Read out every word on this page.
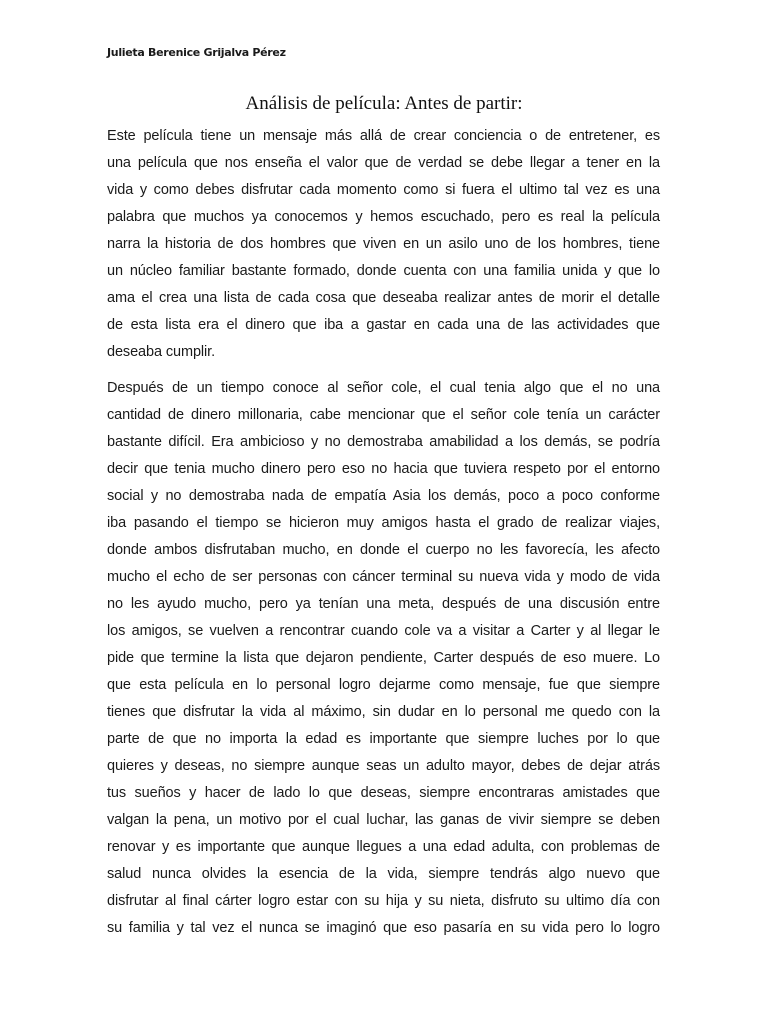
Julieta Berenice Grijalva Pérez
Análisis de película: Antes de partir:
Este película tiene un mensaje más allá de crear conciencia o de entretener, es
una película que nos enseña el valor que de verdad se debe llegar a tener en la
vida y como debes disfrutar cada momento como si fuera el ultimo tal vez es una
palabra que muchos ya conocemos y hemos escuchado, pero es real la película
narra la historia de dos hombres que viven en un asilo uno de los hombres, tiene
un núcleo familiar bastante formado, donde cuenta con una familia unida y que lo
ama el crea una lista de cada cosa que deseaba realizar antes de morir el detalle
de esta lista era el dinero que iba a gastar en cada una de las actividades que
deseaba cumplir.
Después de un tiempo conoce al señor cole, el cual tenia algo que el no una
cantidad de dinero millonaria, cabe mencionar que el señor cole tenía un carácter
bastante difícil. Era ambicioso y no demostraba amabilidad a los demás, se podría
decir que tenia mucho dinero pero eso no hacia que tuviera respeto por el entorno
social y no demostraba nada de empatía Asia los demás, poco a poco conforme
iba pasando el tiempo se hicieron muy amigos hasta el grado de realizar viajes,
donde ambos disfrutaban mucho, en donde el cuerpo no les favorecía, les afecto
mucho el echo de ser personas con cáncer terminal su nueva vida y modo de vida
no les ayudo mucho, pero ya tenían una meta, después de una discusión entre
los amigos, se vuelven a rencontrar cuando cole va a visitar a Carter y al llegar le
pide que termine la lista que dejaron pendiente, Carter después de eso muere. Lo
que esta película en lo personal logro dejarme como mensaje, fue que siempre
tienes que disfrutar la vida al máximo, sin dudar en lo personal me quedo con la
parte de que no importa la edad es importante que siempre luches por lo que
quieres y deseas, no siempre aunque seas un adulto mayor, debes de dejar atrás
tus sueños y hacer de lado lo que deseas, siempre encontraras amistades que
valgan la pena, un motivo por el cual luchar, las ganas de vivir siempre se deben
renovar y es importante que aunque llegues a una edad adulta, con problemas de
salud nunca olvides la esencia de la vida, siempre tendrás algo nuevo que
disfrutar al final cárter logro estar con su hija y su nieta, disfruto su ultimo día con
su familia y tal vez el nunca se imaginó que eso pasaría en su vida pero lo logro
